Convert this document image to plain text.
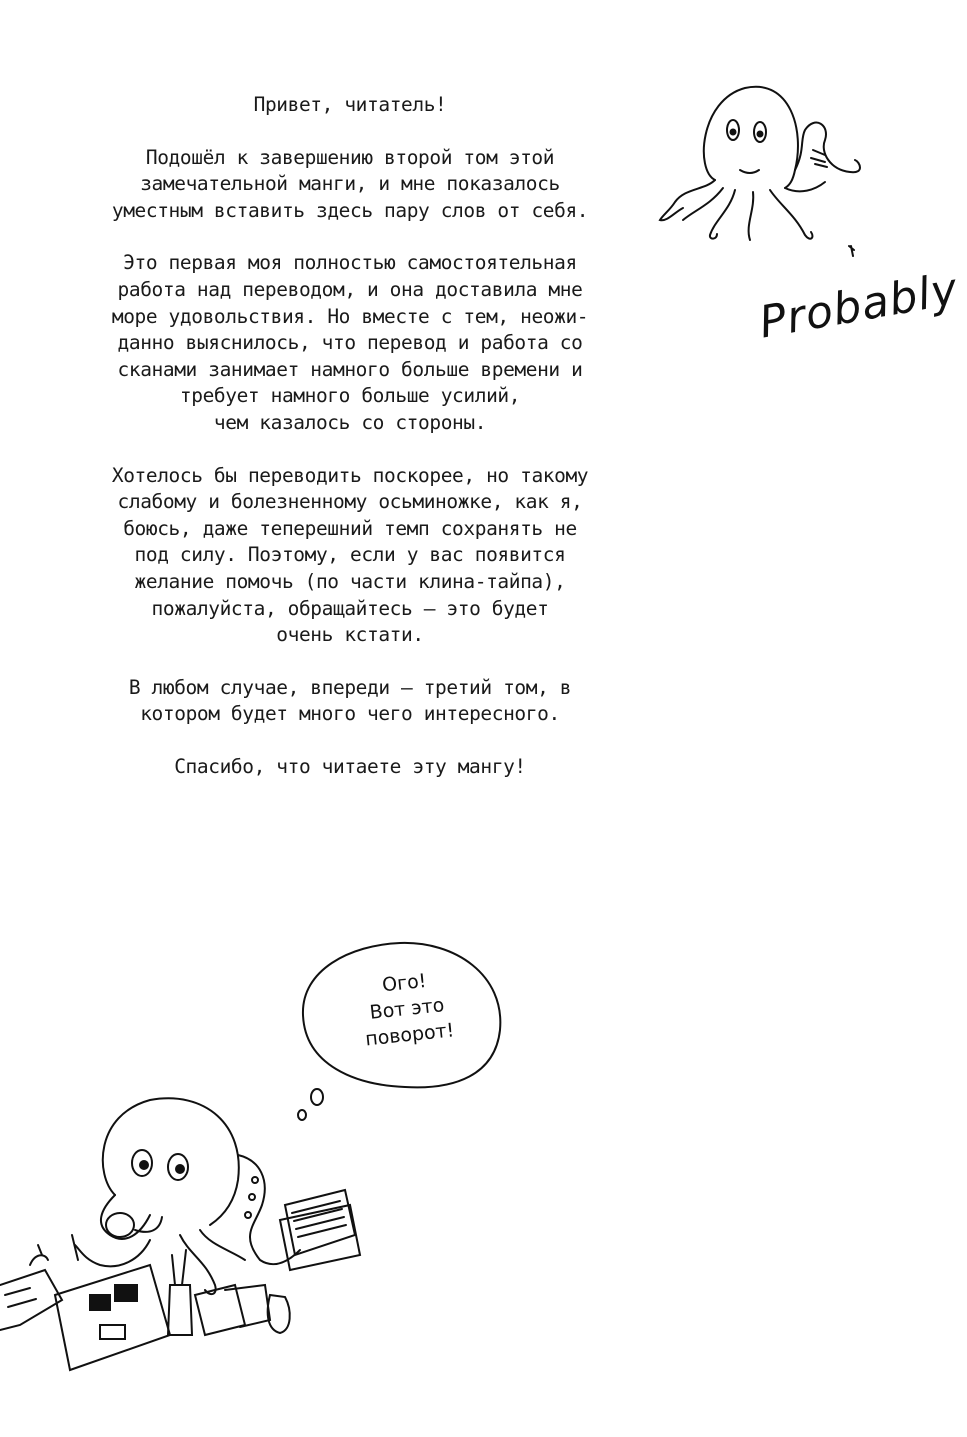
Привет, читатель!

Подошёл к завершению второй том этой
замечательной манги, и мне показалось
уместным вставить здесь пару слов от себя.

Это первая моя полностью самостоятельная
работа над переводом, и она доставила мне
море удовольствия. Но вместе с тем, неожи-
данно выяснилось, что перевод и работа со
сканами занимает намного больше времени и
требует намного больше усилий,
чем казалось со стороны.

Хотелось бы переводить поскорее, но такому
слабому и болезненному осьминожке, как я,
боюсь, даже теперешний темп сохранять не
под силу. Поэтому, если у вас появится
желание помочь (по части клина-тайпа),
пожалуйста, обращайтесь – это будет
очень кстати.

В любом случае, впереди – третий том, в
котором будет много чего интересного.

Спасибо, что читаете эту мангу!

Probably
Ого!
Вот это
поворот!
